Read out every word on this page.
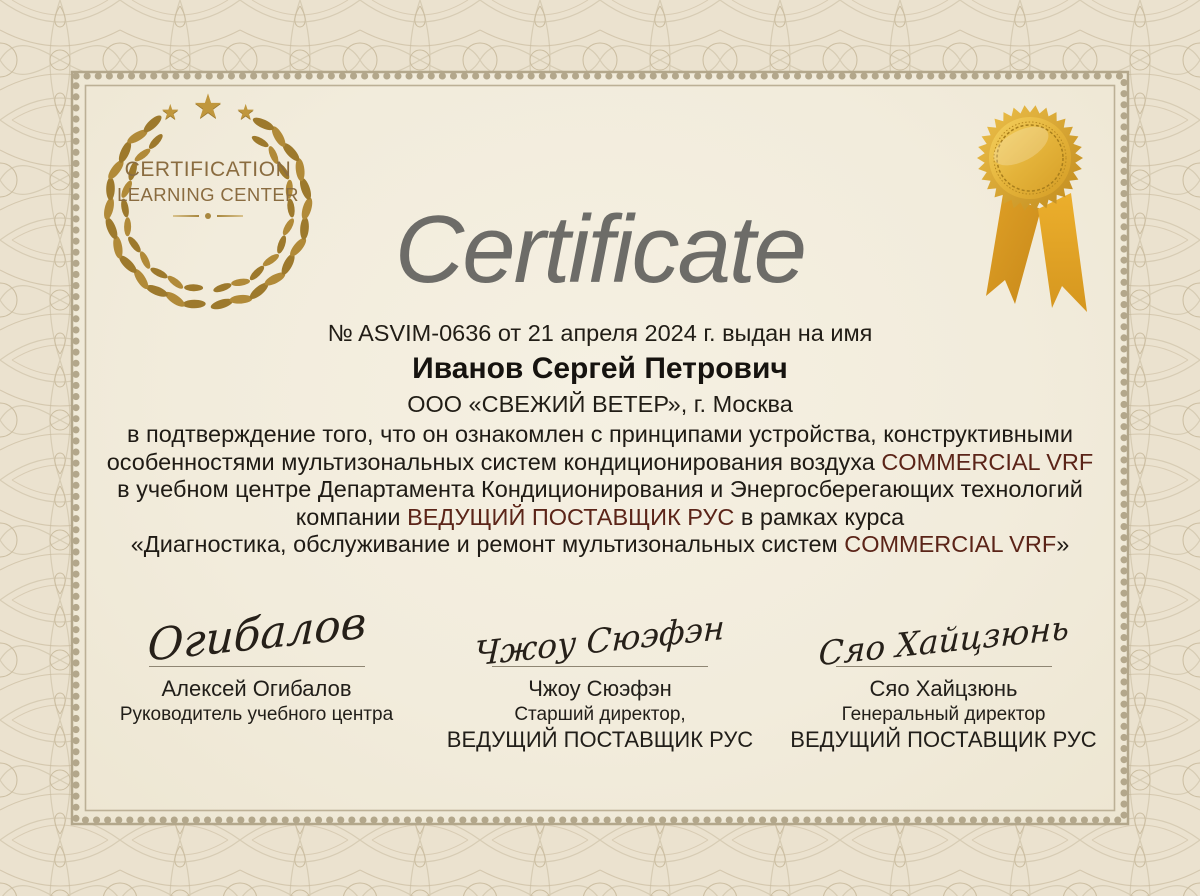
★ ★ ★
CERTIFICATION
LEARNING CENTER
Certificate
№ ASVIM-0636 от 21 апреля 2024 г. выдан на имя
Иванов Сергей Петрович
ООО «СВЕЖИЙ ВЕТЕР», г. Москва
в подтверждение того, что он ознакомлен с принципами устройства, конструктивными
особенностями мультизональных систем кондиционирования воздуха COMMERCIAL VRF
в учебном центре Департамента Кондиционирования и Энергосберегающих технологий
компании ВЕДУЩИЙ ПОСТАВЩИК РУС в рамках курса
«Диагностика, обслуживание и ремонт мультизональных систем COMMERCIAL VRF»
Огибалов
Алексей Огибалов
Руководитель учебного центра
Чжоу Сюэфэн
Чжоу Сюэфэн
Старший директор,
ВЕДУЩИЙ ПОСТАВЩИК РУС
Сяо Хайцзюнь
Сяо Хайцзюнь
Генеральный директор
ВЕДУЩИЙ ПОСТАВЩИК РУС
